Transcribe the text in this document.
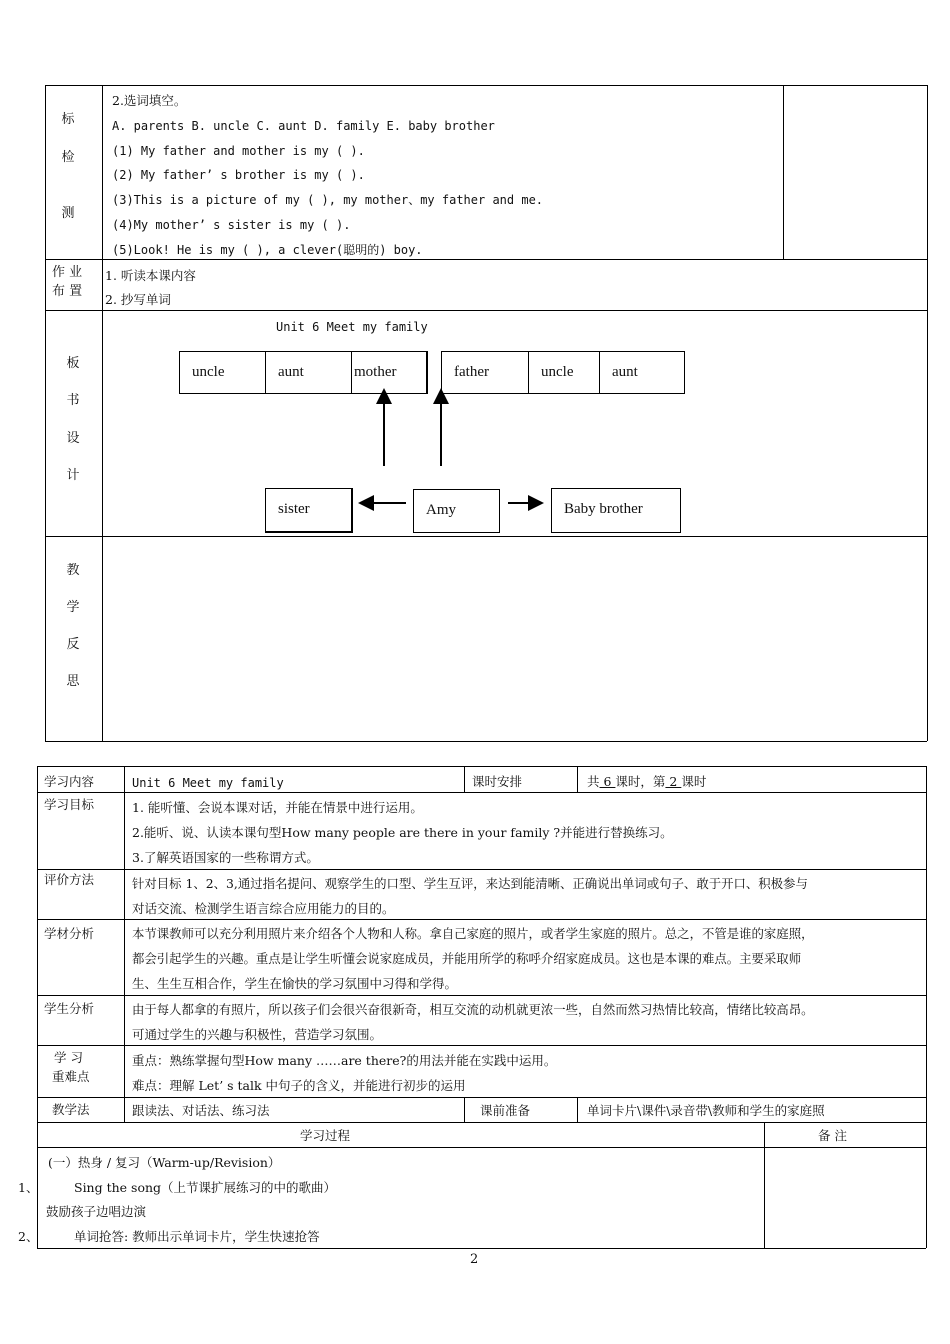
标
检
测
2.选词填空。
A. parents B. uncle C. aunt D. family E. baby brother
(1) My father and mother is my ( ).
(2) My father’ s brother is my ( ).
(3)This is a picture of my ( ), my mother、my father and me.
(4)My mother’ s sister is my ( ).
(5)Look! He is my ( ), a clever(聪明的) boy.
作 业
布 置
1. 听读本课内容
2. 抄写单词
板
书
设
计
Unit 6 Meet my family
uncle	aunt	mother	father	uncle	aunt
sister	Amy	Baby brother
教
学
反
思
学习内容	Unit 6 Meet my family	课时安排	共 6 课时，第 2 课时
学习目标	1. 能听懂、会说本课对话，并能在情景中进行运用。
2.能听、说、认读本课句型How many people are there in your family ?并能进行替换练习。
3.了解英语国家的一些称谓方式。
评价方法	针对目标 1、2、3,通过指名提问、观察学生的口型、学生互评，来达到能清晰、正确说出单词或句子、敢于开口、积极参与
对话交流、检测学生语言综合应用能力的目的。
学材分析	本节课教师可以充分利用照片来介绍各个人物和人称。拿自己家庭的照片，或者学生家庭的照片。总之，不管是谁的家庭照，
都会引起学生的兴趣。重点是让学生听懂会说家庭成员，并能用所学的称呼介绍家庭成员。这也是本课的难点。主要采取师
生、生生互相合作，学生在愉快的学习氛围中习得和学得。
学生分析	由于每人都拿的有照片，所以孩子们会很兴奋很新奇，相互交流的动机就更浓一些，自然而然习热情比较高，情绪比较高昂。
可通过学生的兴趣与积极性，营造学习氛围。
学 习
重难点
重点：熟练掌握句型How many ……are there?的用法并能在实践中运用。
难点：理解 Let’ s talk 中句子的含义，并能进行初步的运用
教学法	跟读法、对话法、练习法	课前准备	单词卡片\课件\录音带\教师和学生的家庭照
学习过程	备 注
(一）热身 / 复习（Warm-up/Revision）
1、	Sing the song（上节课扩展练习的中的歌曲）
鼓励孩子边唱边演
2、	单词抢答: 教师出示单词卡片，学生快速抢答
2
